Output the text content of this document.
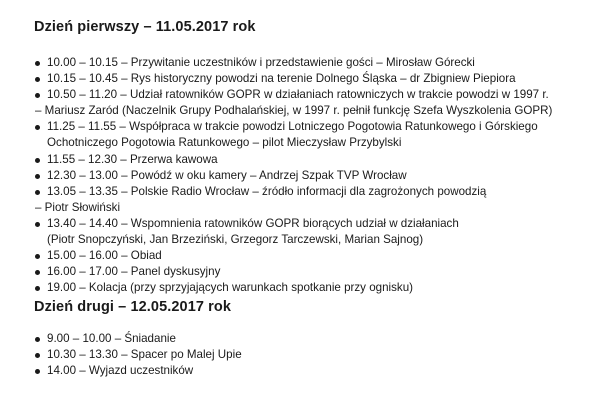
Dzień pierwszy – 11.05.2017 rok
10.00 – 10.15 – Przywitanie uczestników i przedstawienie gości – Mirosław Górecki
10.15 – 10.45 – Rys historyczny powodzi na terenie Dolnego Śląska – dr Zbigniew Piepiora
10.50 – 11.20 – Udział ratowników GOPR w działaniach ratowniczych w trakcie powodzi w 1997 r.
– Mariusz Zaród (Naczelnik Grupy Podhalańskiej, w 1997 r. pełnił funkcję Szefa Wyszkolenia GOPR)
11.25 – 11.55 – Współpraca w trakcie powodzi Lotniczego Pogotowia Ratunkowego i Górskiego
Ochotniczego Pogotowia Ratunkowego – pilot Mieczysław Przybylski
11.55 – 12.30 – Przerwa kawowa
12.30 – 13.00 – Powódź w oku kamery – Andrzej Szpak TVP Wrocław
13.05 – 13.35 – Polskie Radio Wrocław – źródło informacji dla zagrożonych powodzią
– Piotr Słowiński
13.40 – 14.40 – Wspomnienia ratowników GOPR biorących udział w działaniach
(Piotr Snopczyński, Jan Brzeziński, Grzegorz Tarczewski, Marian Sajnog)
15.00 – 16.00 – Obiad
16.00 – 17.00 – Panel dyskusyjny
19.00 – Kolacja (przy sprzyjających warunkach spotkanie przy ognisku)
Dzień drugi – 12.05.2017 rok
9.00 – 10.00 – Śniadanie
10.30 – 13.30 – Spacer po Malej Upie
14.00 – Wyjazd uczestników
